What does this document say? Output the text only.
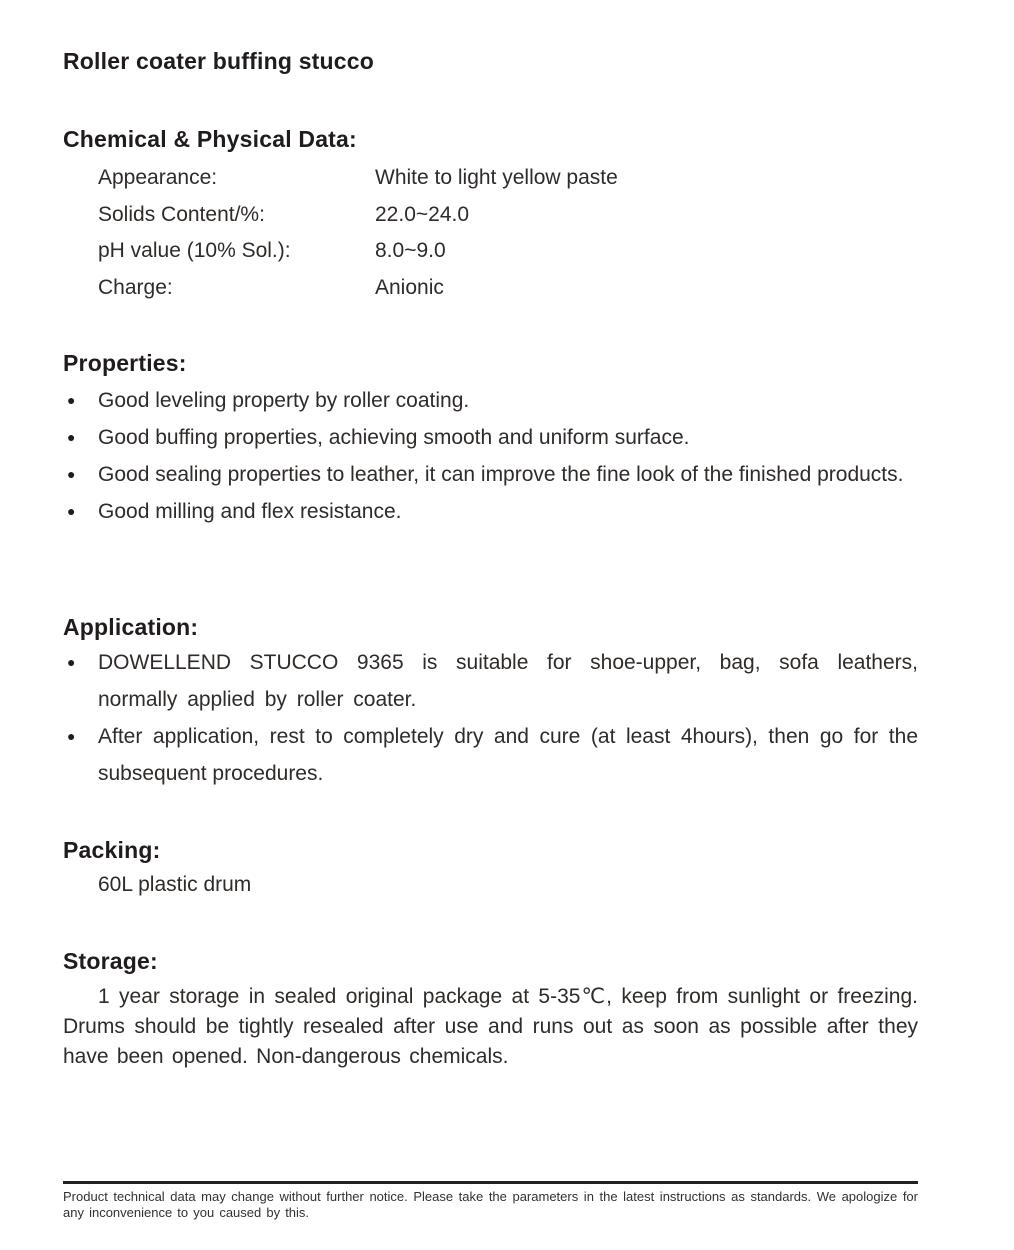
Roller coater buffing stucco
Chemical & Physical Data:
Appearance:	White to light yellow paste
Solids Content/%:	22.0~24.0
pH value (10% Sol.):	8.0~9.0
Charge:	Anionic
Properties:
● Good leveling property by roller coating.
● Good buffing properties, achieving smooth and uniform surface.
● Good sealing properties to leather, it can improve the fine look of the finished products.
● Good milling and flex resistance.
Application:
● DOWELLEND STUCCO 9365 is suitable for shoe-upper, bag, sofa leathers, normally applied by roller coater.
● After application, rest to completely dry and cure (at least 4hours), then go for the subsequent procedures.
Packing:
60L plastic drum
Storage:

1 year storage in sealed original package at 5-35℃, keep from sunlight or freezing. Drums should be tightly resealed after use and runs out as soon as possible after they have been opened. Non-dangerous chemicals.

Product technical data may change without further notice. Please take the parameters in the latest instructions as standards. We apologize for any inconvenience to you caused by this.
